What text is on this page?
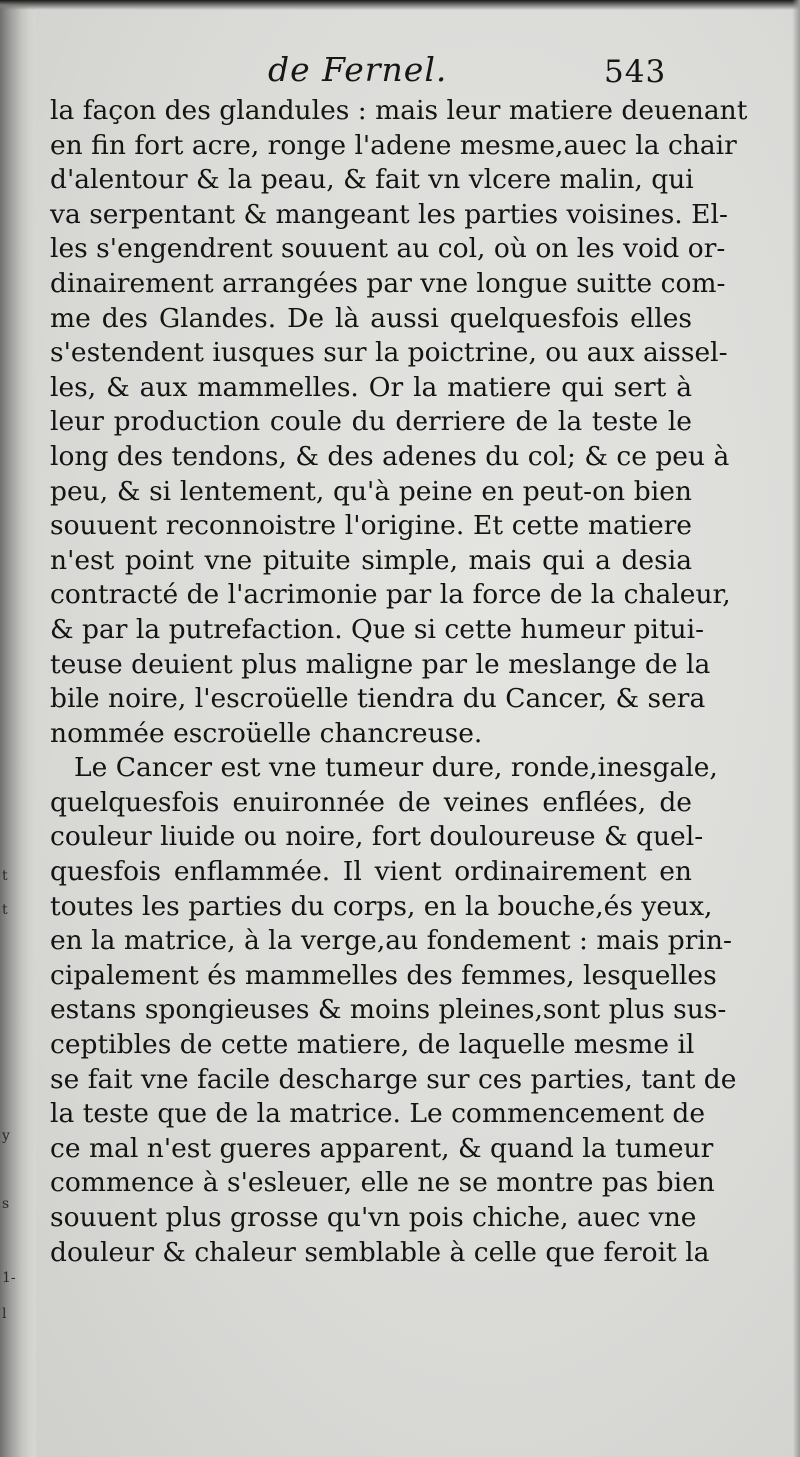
t
t
y
s
1-
l
de Fernel.	543
la façon des glandules : mais leur matiere deuenant
en fin fort acre, ronge l'adene mesme,auec la chair
d'alentour & la peau, & fait vn vlcere malin, qui
va serpentant & mangeant les parties voisines. El-
les s'engendrent souuent au col, où on les void or-
dinairement arrangées par vne longue suitte com-
me des Glandes. De là aussi quelquesfois elles
s'estendent iusques sur la poictrine, ou aux aissel-
les, & aux mammelles. Or la matiere qui sert à
leur production coule du derriere de la teste le
long des tendons, & des adenes du col; & ce peu à
peu, & si lentement, qu'à peine en peut-on bien
souuent reconnoistre l'origine. Et cette matiere
n'est point vne pituite simple, mais qui a desia
contracté de l'acrimonie par la force de la chaleur,
& par la putrefaction. Que si cette humeur pitui-
teuse deuient plus maligne par le meslange de la
bile noire, l'escroüelle tiendra du Cancer, & sera
nommée escroüelle chancreuse.
Le Cancer est vne tumeur dure, ronde,inesgale,
quelquesfois enuironnée de veines enflées, de
couleur liuide ou noire, fort douloureuse & quel-
quesfois enflammée. Il vient ordinairement en
toutes les parties du corps, en la bouche,és yeux,
en la matrice, à la verge,au fondement : mais prin-
cipalement és mammelles des femmes, lesquelles
estans spongieuses & moins pleines,sont plus sus-
ceptibles de cette matiere, de laquelle mesme il
se fait vne facile descharge sur ces parties, tant de
la teste que de la matrice. Le commencement de
ce mal n'est gueres apparent, & quand la tumeur
commence à s'esleuer, elle ne se montre pas bien
souuent plus grosse qu'vn pois chiche, auec vne
douleur & chaleur semblable à celle que feroit la
